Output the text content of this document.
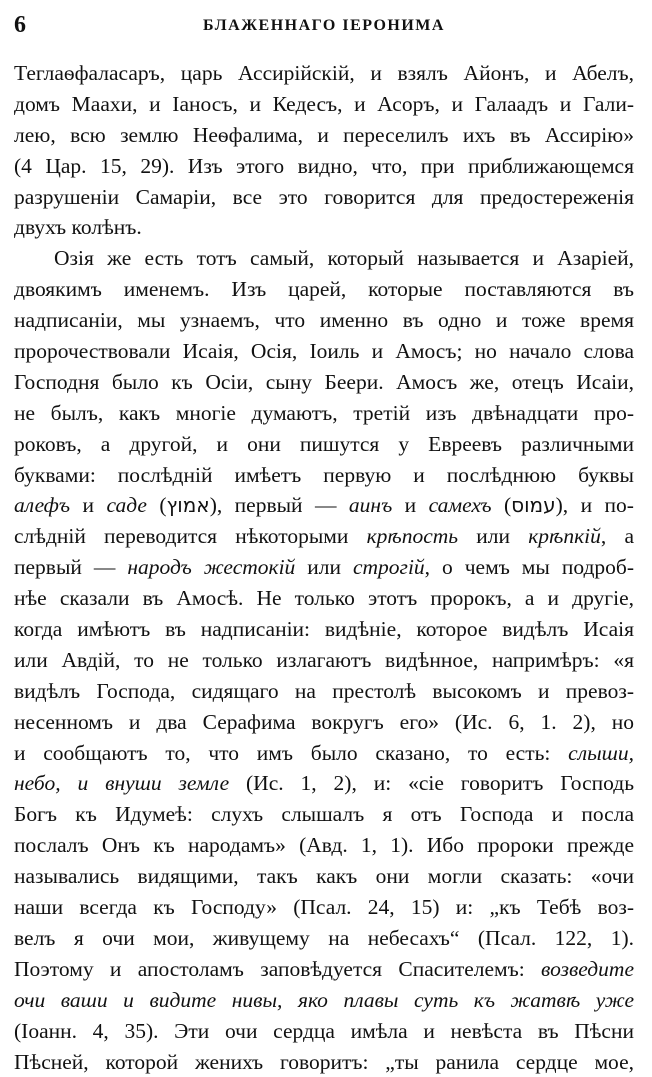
6	БЛАЖЕННАГО ІЕРОНИМА
Теглаѳфаласаръ, царь Ассирійскій, и взялъ Айонъ, и Абелъ,
домъ Маахи, и Іаносъ, и Кедесъ, и Асоръ, и Галаадъ и Гали-
лею, всю землю Неѳфалима, и переселилъ ихъ въ Ассирію»
(4 Цар. 15, 29). Изъ этого видно, что, при приближающемся
разрушеніи Самаріи, все это говорится для предостереженія
двухъ колѣнъ.
Озія же есть тотъ самый, который называется и Азаріей,
двоякимъ именемъ. Изъ царей, которые поставляются въ
надписаніи, мы узнаемъ, что именно въ одно и тоже время
пророчествовали Исаія, Осія, Іоиль и Амосъ; но начало слова
Господня было къ Осіи, сыну Беери. Амосъ же, отецъ Исаіи,
не былъ, какъ многіе думаютъ, третій изъ двѣнадцати про-
роковъ, а другой, и они пишутся у Евреевъ различными
буквами: послѣдній имѣетъ первую и послѣднюю буквы
алефъ и саде (אמוץ), первый — аинъ и самехъ (עמוס), и по-
слѣдній переводится нѣкоторыми крѣпость или крѣпкій, а
первый — народъ жестокій или строгій, о чемъ мы подроб-
нѣе сказали въ Амосѣ. Не только этотъ пророкъ, а и другіе,
когда имѣютъ въ надписаніи: видѣніе, которое видѣлъ Исаія
или Авдій, то не только излагаютъ видѣнное, напримѣръ: «я
видѣлъ Господа, сидящаго на престолѣ высокомъ и превоз-
несенномъ и два Серафима вокругъ его» (Ис. 6, 1. 2), но
и сообщаютъ то, что имъ было сказано, то есть: слыши,
небо, и внуши земле (Ис. 1, 2), и: «сіе говоритъ Господь
Богъ къ Идумеѣ: слухъ слышалъ я отъ Господа и посла
послалъ Онъ къ народамъ» (Авд. 1, 1). Ибо пророки прежде
назывались видящими, такъ какъ они могли сказать: «очи
наши всегда къ Господу» (Псал. 24, 15) и: „къ Тебѣ воз-
велъ я очи мои, живущему на небесахъ“ (Псал. 122, 1).
Поэтому и апостоламъ заповѣдуется Спасителемъ: возведите
очи ваши и видите нивы, яко плавы суть къ жатвѣ уже
(Іоанн. 4, 35). Эти очи сердца имѣла и невѣста въ Пѣсни
Пѣсней, которой женихъ говоритъ: „ты ранила сердце мое,
